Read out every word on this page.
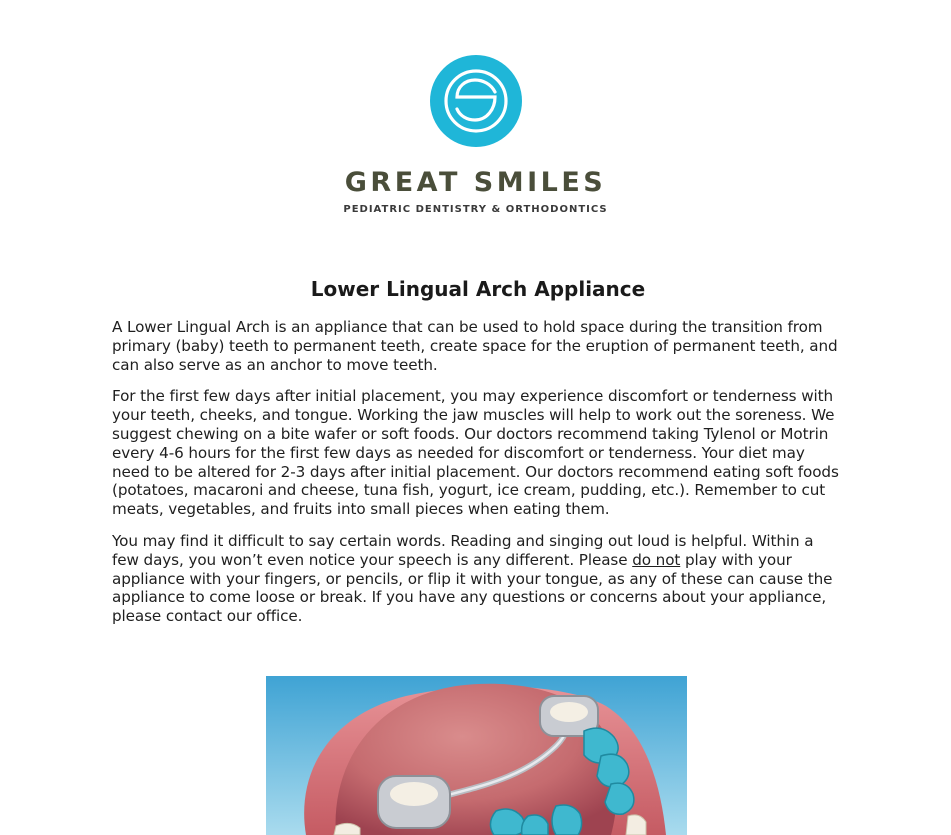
GREAT SMILES
PEDIATRIC DENTISTRY & ORTHODONTICS
Lower Lingual Arch Appliance

A Lower Lingual Arch is an appliance that can be used to hold space during the transition from primary (baby) teeth to permanent teeth, create space for the eruption of permanent teeth, and can also serve as an anchor to move teeth.

For the first few days after initial placement, you may experience discomfort or tenderness with your teeth, cheeks, and tongue. Working the jaw muscles will help to work out the soreness. We suggest chewing on a bite wafer or soft foods. Our doctors recommend taking Tylenol or Motrin every 4-6 hours for the first few days as needed for discomfort or tenderness. Your diet may need to be altered for 2-3 days after initial placement. Our doctors recommend eating soft foods (potatoes, macaroni and cheese, tuna fish, yogurt, ice cream, pudding, etc.). Remember to cut meats, vegetables, and fruits into small pieces when eating them.

You may find it difficult to say certain words. Reading and singing out loud is helpful. Within a few days, you won’t even notice your speech is any different. Please do not play with your appliance with your fingers, or pencils, or flip it with your tongue, as any of these can cause the appliance to come loose or break. If you have any questions or concerns about your appliance, please contact our office.
